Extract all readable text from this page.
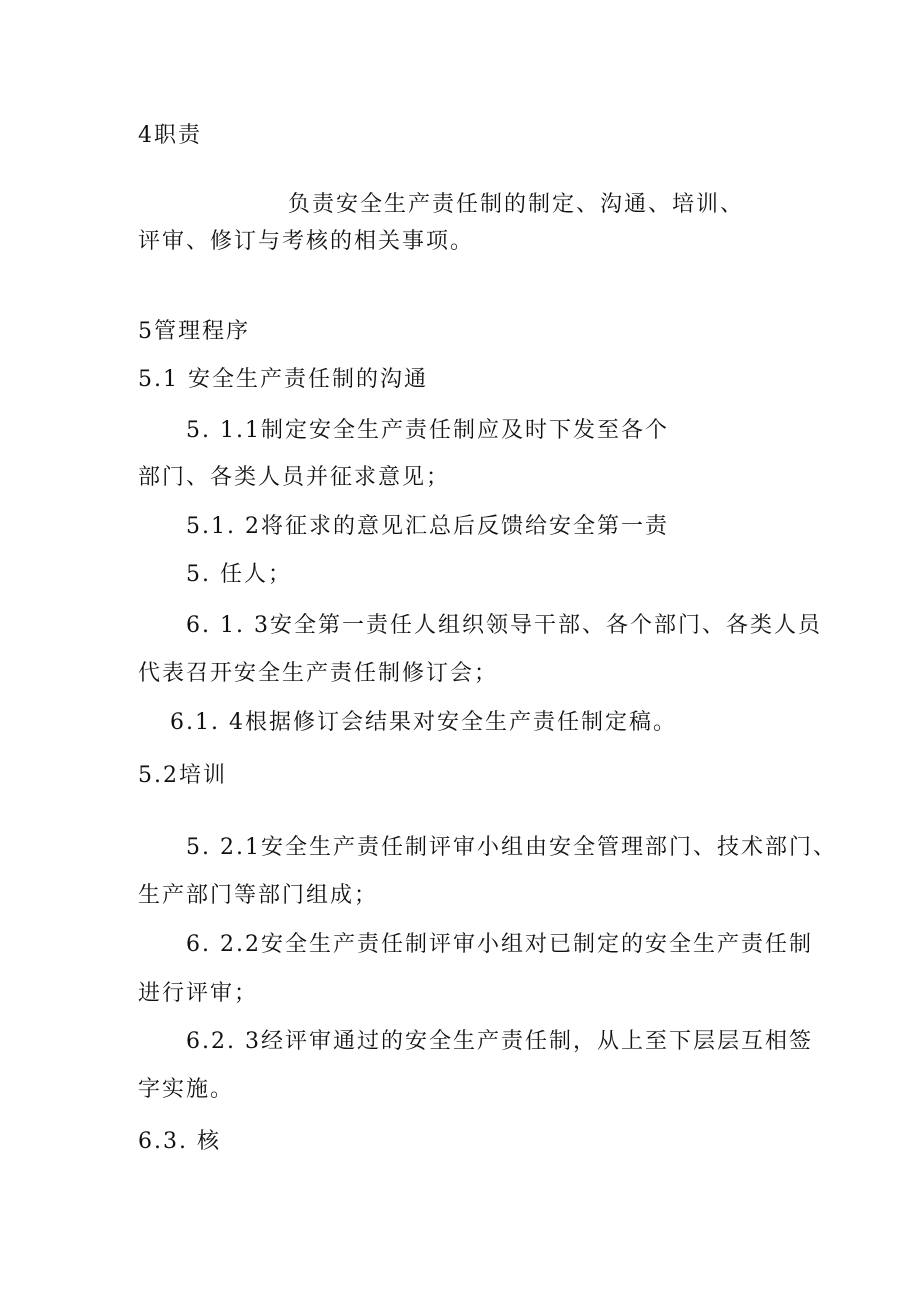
4职责
负责安全生产责任制的制定、沟通、培训、
评审、修订与考核的相关事项。
5管理程序
5.1 安全生产责任制的沟通
5. 1.1制定安全生产责任制应及时下发至各个
部门、各类人员并征求意见；
5.1. 2将征求的意见汇总后反馈给安全第一责
5. 任人；
6. 1. 3安全第一责任人组织领导干部、各个部门、各类人员
代表召开安全生产责任制修订会；
6.1. 4根据修订会结果对安全生产责任制定稿。
5.2培训
5. 2.1安全生产责任制评审小组由安全管理部门、技术部门、
生产部门等部门组成；
6. 2.2安全生产责任制评审小组对已制定的安全生产责任制
进行评审；
6.2. 3经评审通过的安全生产责任制，从上至下层层互相签
字实施。
6.3. 核
